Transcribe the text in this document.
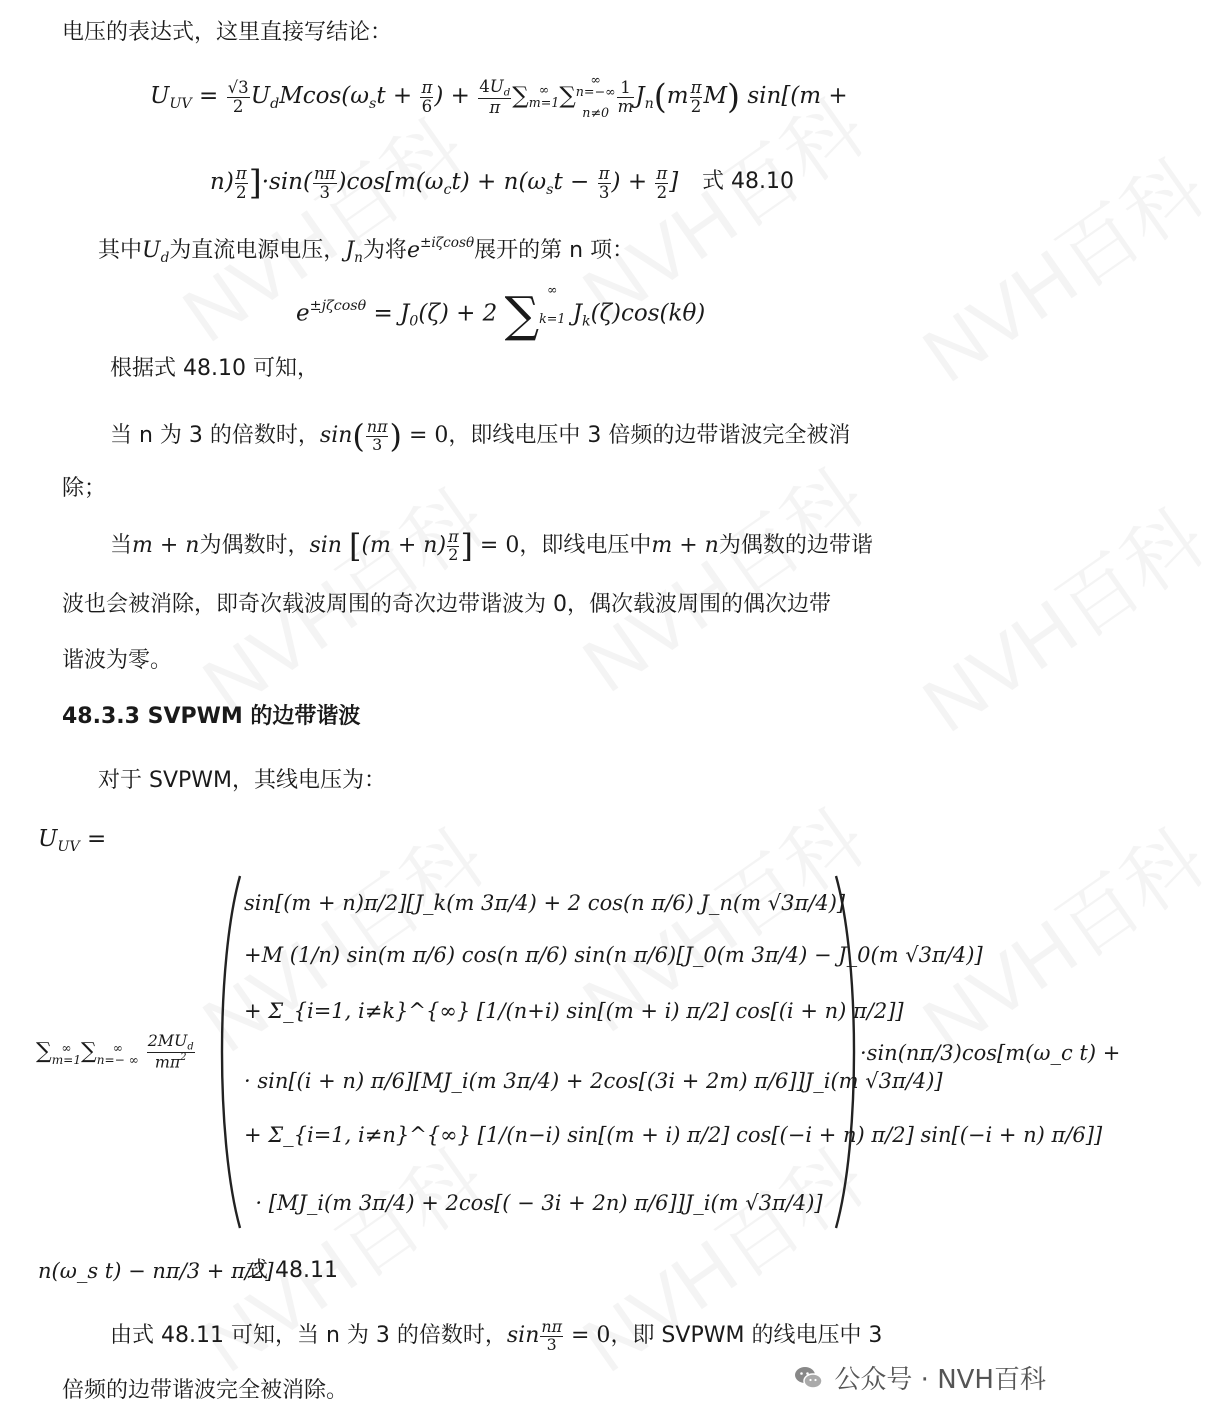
电压的表达式，这里直接写结论：
$U_{UV} = \frac{√3}{2} U_dMcos(\omega_st + \frac{\pi}{6}$ ) + $\frac{4U_d}{\pi}$ ∑ ∞
m=1 ∑
∞
n=−∞
$n\ne 0 \frac{1}{m} J_n(m \frac{\pi}{2} M) \sin[(m$ +
$n) \frac{\pi}{2} ]\cdot\sin( \frac{n\pi}{3} )\cos[m(\omega_ct) + n(\omega_st - \frac{\pi}{3}$ ) + $\frac{\pi}{2}$ ] 式 48.10
其中$U_d$为直流电源电压，$J_n$为将$e^{\pm i\zeta cos\theta}$展开的第 n 项：
$e^{\pm j\zeta cos\theta} = J_0(\zeta) + 2$ ∑ ∞
k=1 $J_k(\zeta)\cos(k\theta)$
根据式 48.10 可知，
当 n 为 3 的倍数时，$\sin( \frac{n\pi}{3}$ ) = 0，即线电压中 3 倍频的边带谐波完全被消
除；
当m + n为偶数时，$\sin [(m + n) \frac{\pi}{2}$ ] = 0，即线电压中m + n为偶数的边带谐
波也会被消除，即奇次载波周围的奇次边带谐波为 0，偶次载波周围的偶次边带
谐波为零。
48.3.3 SVPWM 的边带谐波
对于 SVPWM，其线电压为：
$U_{UV}$ =
∑ ∞
m=1 ∑	∞
n=− ∞
$\frac{2MU_d}{m\pi^2}$
sin[(m + n)π/2][J_k(m 3π/4) + 2 cos(n π/6) J_n(m √3π/4)]
+M (1/n) sin(m π/6) cos(n π/6) sin(n π/6)[J_0(m 3π/4) − J_0(m √3π/4)]
+ Σ_{i=1, i≠k}^{∞} [1/(n+i) sin[(m + i) π/2] cos[(i + n) π/2]]
· sin[(i + n) π/6][MJ_i(m 3π/4) + 2cos[(3i + 2m) π/6]]J_i(m √3π/4)]
+ Σ_{i=1, i≠n}^{∞} [1/(n−i) sin[(m + i) π/2] cos[(−i + n) π/2] sin[(−i + n) π/6]]
· [MJ_i(m 3π/4) + 2cos[( − 3i + 2n) π/6]]J_i(m √3π/4)]
·sin(nπ/3)cos[m(ω_c t) +
n(ω_s t) − nπ/3 + π/2]
式 48.11
由式 48.11 可知，当 n 为 3 的倍数时，$\sin \frac{n\pi}{3} = 0$，即 SVPWM 的线电压中 3
倍频的边带谐波完全被消除。	公众号 · NVH百科
